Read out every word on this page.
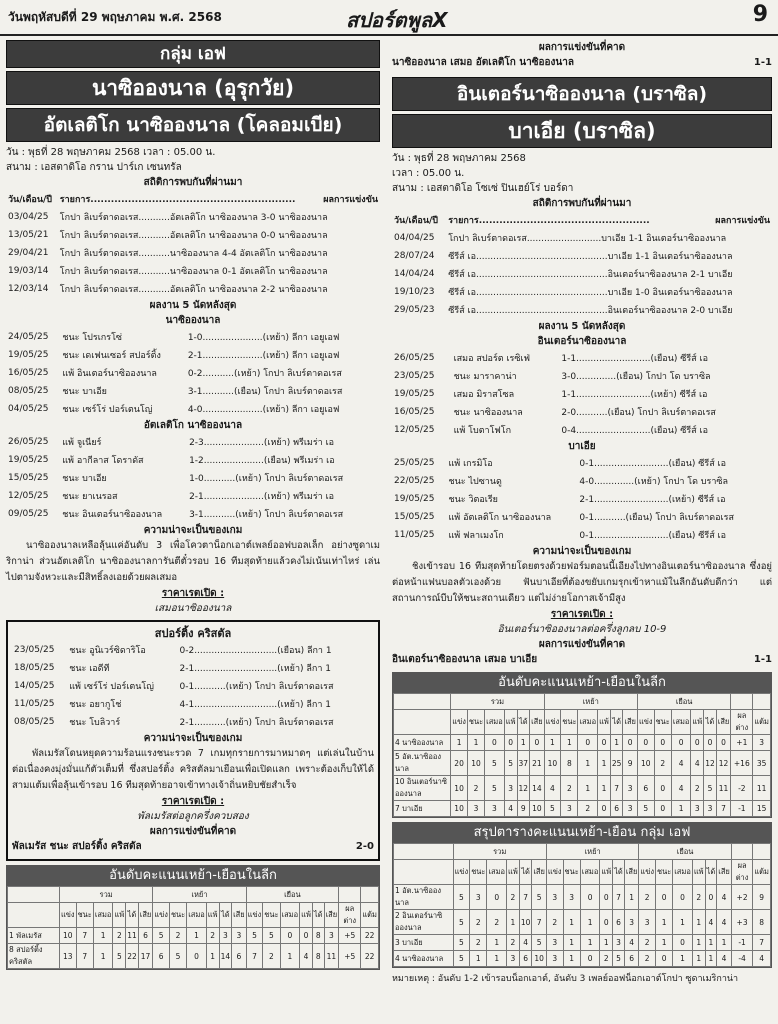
วันพฤหัสบดีที่ 29 พฤษภาคม พ.ศ. 2568	สปอร์ตพูลX	9
กลุ่ม เอฟ
นาซิอองนาล (อุรุกวัย)
อัตเลติโก นาซิอองนาล (โคลอมเบีย)
วัน : พุธที่ 28 พฤษภาคม 2568 เวลา : 05.00 น.
สนาม : เอสตาดิโอ กราน ปาร์เก เซนทรัล
สถิติการพบกันที่ผ่านมา
วัน/เดือน/ปี	รายการ............................................................	ผลการแข่งขัน
03/04/25	โกปา ลิเบร์ตาดอเรส...........อัตเลติโก นาซิอองนาล 3-0 นาซิอองนาล	
13/05/21	โกปา ลิเบร์ตาดอเรส...........อัตเลติโก นาซิอองนาล 0-0 นาซิอองนาล	
29/04/21	โกปา ลิเบร์ตาดอเรส...........นาซิอองนาล 4-4 อัตเลติโก นาซิอองนาล	
19/03/14	โกปา ลิเบร์ตาดอเรส...........นาซิอองนาล 0-1 อัตเลติโก นาซิอองนาล	
12/03/14	โกปา ลิเบร์ตาดอเรส...........อัตเลติโก นาซิอองนาล 2-2 นาซิอองนาล	
ผลงาน 5 นัดหลังสุด
นาซิอองนาล
24/05/25	ชนะ โปรเกรโซ่	1-0.....................(เหย้า) ลีกา เอยูเอฟ
19/05/25	ชนะ เดเฟนเซอร์ สปอร์ติ้ง	2-1.....................(เหย้า) ลีกา เอยูเอฟ
16/05/25	แพ้ อินเตอร์นาซิอองนาล	0-2...........(เหย้า) โกปา ลิเบร์ตาดอเรส
08/05/25	ชนะ บาเอีย	3-1...........(เยือน) โกปา ลิเบร์ตาดอเรส
04/05/25	ชนะ เซร์โร่ ปอร์เตนโญ่	4-0.....................(เหย้า) ลีกา เอยูเอฟ
อัตเลติโก นาซิอองนาล
26/05/25	แพ้ จูเนียร์	2-3.....................(เหย้า) พรีเมร่า เอ
19/05/25	แพ้ อากีลาส โดราดัส	1-2.....................(เยือน) พรีเมร่า เอ
15/05/25	ชนะ บาเอีย	1-0...........(เหย้า) โกปา ลิเบร์ตาดอเรส
12/05/25	ชนะ ยาเนรอส	2-1.....................(เหย้า) พรีเมร่า เอ
09/05/25	ชนะ อินเตอร์นาซิอองนาล	3-1...........(เหย้า) โกปา ลิเบร์ตาดอเรส
ความน่าจะเป็นของเกม
นาซิอองนาลเหลือลุ้นแค่อันดับ 3 เพื่อโควตาน็อกเอาต์เพลย์ออฟบอลเล็ก อย่างซูดาเมริกาน่า ส่วนอัตเลติโก นาซิอองนาลการันตีตั๋วรอบ 16 ทีมสุดท้ายแล้วคงไม่เน้นเท่าไหร่ เล่นไปตามจังหวะและมีสิทธิ์ลงเอยด้วยผลเสมอ
ราคาเรตเปิด :
เสมอนาซิอองนาล
สปอร์ติ้ง คริสตัล
23/05/25	ชนะ อูนิเวร์ซิดาริโอ	0-2.............................(เยือน) ลีกา 1
18/05/25	ชนะ เอดีที	2-1.............................(เหย้า) ลีกา 1
14/05/25	แพ้ เซร์โร่ ปอร์เตนโญ่	0-1...........(เหย้า) โกปา ลิเบร์ตาดอเรส
11/05/25	ชนะ อยากูโช่	4-1.............................(เหย้า) ลีกา 1
08/05/25	ชนะ โบลิวาร์	2-1...........(เหย้า) โกปา ลิเบร์ตาดอเรส
ความน่าจะเป็นของเกม
พัลเมรัสโดนหยุดความร้อนแรงชนะรวด 7 เกมทุกรายการมาหมาดๆ แต่เล่นในบ้านต่อเนื่องคงมุ่งมั่นแก้ตัวเต็มที่ ซึ่งสปอร์ติ้ง คริสตัลมาเยือนเพื่อเปิดแลก เพราะต้องเก็บให้ได้สามแต้มเพื่อลุ้นเข้ารอบ 16 ทีมสุดท้ายอาจเข้าทางเจ้าถิ่นหยิบชัยสำเร็จ
ราคาเรตเปิด :
พัลเมรัสต่อลูกครึ่งควบสอง
ผลการแข่งขันที่คาด
พัลเมรัส ชนะ สปอร์ติ้ง คริสตัล	2-0
อันดับคะแนนเหย้า-เยือนในลีก
	รวม						เหย้า						เยือน							
	แข่ง	ชนะ	เสมอ	แพ้	ได้	เสีย	แข่ง	ชนะ	เสมอ	แพ้	ได้	เสีย	แข่ง	ชนะ	เสมอ	แพ้	ได้	เสีย	ผลต่าง	แต้ม
1 พัลเมรัส	10	7	1	2	11	6	5	2	1	2	3	3	5	5	0	0	8	3	+5	22
8 สปอร์ติ้ง คริสตัล	13	7	1	5	22	17	6	5	0	1	14	6	7	2	1	4	8	11	+5	22
ผลการแข่งขันที่คาด
นาซิอองนาล เสมอ อัตเลติโก นาซิอองนาล	1-1
อินเตอร์นาซิอองนาล (บราซิล)
บาเอีย (บราซิล)
วัน : พุธที่ 28 พฤษภาคม 2568
เวลา : 05.00 น.
สนาม : เอสตาดิโอ โซเซ่ ปินเฮย์โร่ บอร์ดา
สถิติการพบกันที่ผ่านมา
วัน/เดือน/ปี	รายการ..................................................	ผลการแข่งขัน
04/04/25	โกปา ลิเบร์ตาดอเรส..........................บาเอีย 1-1 อินเตอร์นาซิอองนาล	
28/07/24	ซีรีส์ เอ..............................................บาเอีย 1-1 อินเตอร์นาซิอองนาล	
14/04/24	ซีรีส์ เอ..............................................อินเตอร์นาซิอองนาล 2-1 บาเอีย	
19/10/23	ซีรีส์ เอ..............................................บาเอีย 1-0 อินเตอร์นาซิอองนาล	
29/05/23	ซีรีส์ เอ..............................................อินเตอร์นาซิอองนาล 2-0 บาเอีย	
ผลงาน 5 นัดหลังสุด
อินเตอร์นาซิอองนาล
26/05/25	เสมอ สปอร์ต เรซิเฟ่	1-1..........................(เยือน) ซีรีส์ เอ
23/05/25	ชนะ มาราคาน่า	3-0..............(เยือน) โกปา โด บราซิล
19/05/25	เสมอ มิราสโซล	1-1..........................(เหย้า) ซีรีส์ เอ
16/05/25	ชนะ นาซิอองนาล	2-0...........(เยือน) โกปา ลิเบร์ตาดอเรส
12/05/25	แพ้ โบตาโฟโก	0-4..........................(เยือน) ซีรีส์ เอ
บาเอีย
25/05/25	แพ้ เกรมิโอ	0-1..........................(เยือน) ซีรีส์ เอ
22/05/25	ชนะ ไปซานดู	4-0..............(เหย้า) โกปา โด บราซิล
19/05/25	ชนะ วิตอเรีย	2-1..........................(เหย้า) ซีรีส์ เอ
15/05/25	แพ้ อัตเลติโก นาซิอองนาล	0-1...........(เยือน) โกปา ลิเบร์ตาดอเรส
11/05/25	แพ้ ฟลาเมงโก	0-1..........................(เยือน) ซีรีส์ เอ
ความน่าจะเป็นของเกม
ชิงเข้ารอบ 16 ทีมสุดท้ายโดยตรงด้วยฟอร์มตอนนี้เอียงไปทางอินเตอร์นาซิอองนาล ซึ่งอยู่ต่อหน้าแฟนบอลตัวเองด้วย ฟันบาเอียที่ต้องขยับเกมรุกเข้าหาแม้ในลีกอันดับดีกว่า แต่สถานการณ์บีบให้ชนะสถานเดียว แต่ไม่ง่ายโอกาสเจ้ามีสูง
ราคาเรตเปิด :
อินเตอร์นาซิอองนาลต่อครึ่งลูกลบ 10-9
ผลการแข่งขันที่คาด
อินเตอร์นาซิอองนาล เสมอ บาเอีย	1-1
อันดับคะแนนเหย้า-เยือนในลีก
	รวม						เหย้า						เยือน							
	แข่ง	ชนะ	เสมอ	แพ้	ได้	เสีย	แข่ง	ชนะ	เสมอ	แพ้	ได้	เสีย	แข่ง	ชนะ	เสมอ	แพ้	ได้	เสีย	ผลต่าง	แต้ม
4 นาซิอองนาล	1	1	0	0	1	0	1	1	0	0	1	0	0	0	0	0	0	0	+1	3
5 อัต.นาซิอองนาล	20	10	5	5	37	21	10	8	1	1	25	9	10	2	4	4	12	12	+16	35
10 อินเตอร์นาซิอองนาล	10	2	5	3	12	14	4	2	1	1	7	3	6	0	4	2	5	11	-2	11
7 บาเอีย	10	3	3	4	9	10	5	3	2	0	6	3	5	0	1	3	3	7	-1	15
สรุปตารางคะแนนเหย้า-เยือน กลุ่ม เอฟ
	รวม						เหย้า						เยือน							
	แข่ง	ชนะ	เสมอ	แพ้	ได้	เสีย	แข่ง	ชนะ	เสมอ	แพ้	ได้	เสีย	แข่ง	ชนะ	เสมอ	แพ้	ได้	เสีย	ผลต่าง	แต้ม
1 อัต.นาซิอองนาล	5	3	0	2	7	5	3	3	0	0	7	1	2	0	0	2	0	4	+2	9
2 อินเตอร์นาซิอองนาล	5	2	2	1	10	7	2	1	1	0	6	3	3	1	1	1	4	4	+3	8
3 บาเอีย	5	2	1	2	4	5	3	1	1	1	3	4	2	1	0	1	1	1	-1	7
4 นาซิอองนาล	5	1	1	3	6	10	3	1	0	2	5	6	2	0	1	1	1	4	-4	4
หมายเหตุ : อันดับ 1-2 เข้ารอบน็อกเอาต์, อันดับ 3 เพลย์ออฟน็อกเอาต์โกปา ซูดาเมริกาน่า
